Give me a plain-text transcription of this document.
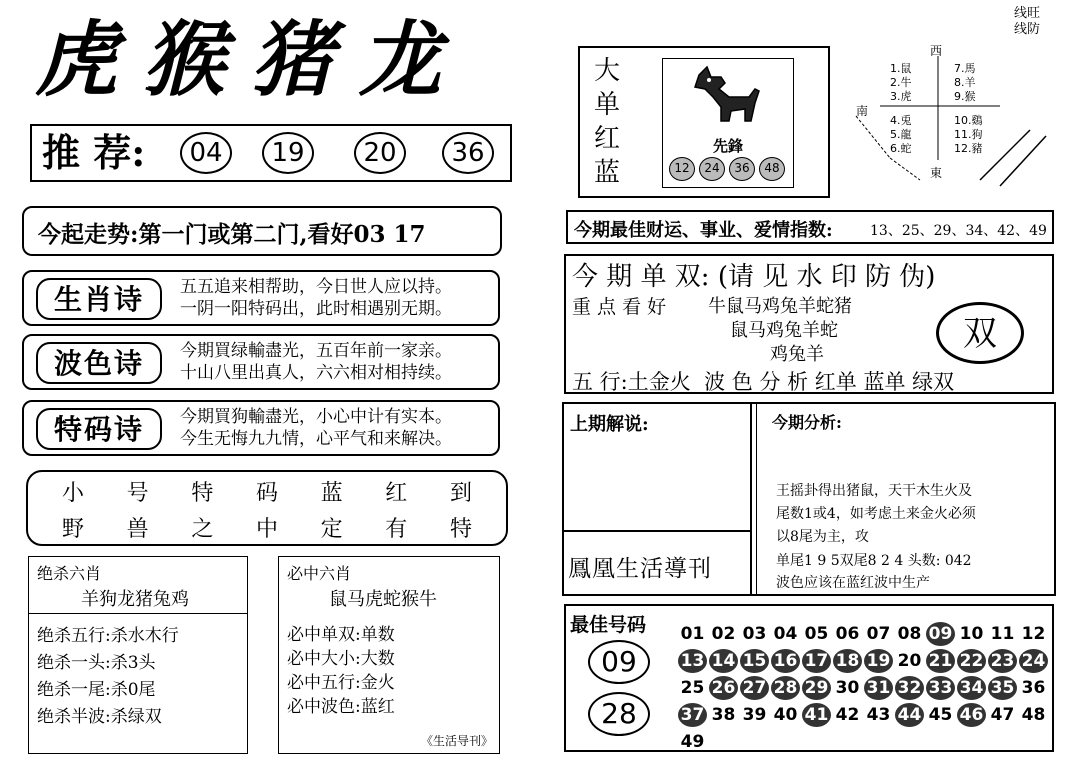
线旺
线防
虎猴猪龙
推 荐:	04	19	20	36
今起走势:第一门或第二门,看好03 17
生肖诗	五五追来相帮助，今日世人应以持。
一阴一阳特码出，此时相遇别无期。
波色诗	今期買绿輸盡光，五百年前一家亲。
十山八里出真人，六六相对相持续。
特码诗	今期買狗輸盡光，小心中计有实本。
今生无悔九九情，心平气和来解决。
小 号 特 码 蓝 红 到
野 兽 之 中 定 有 特
绝杀六肖
羊狗龙猪兔鸡
绝杀五行:杀水木行
绝杀一头:杀3头
绝杀一尾:杀0尾
绝杀半波:杀绿双
必中六肖
鼠马虎蛇猴牛
必中单双:单数
必中大小:大数
必中五行:金火
必中波色:蓝红
《生活导刊》
大
单
红
蓝
先鋒
12	24	36	48
西
南
東
1.鼠
2.牛
3.虎
4.兎
5.龍
6.蛇
7.馬
8.羊
9.猴
10.鷄
11.狗
12.豬
今期最佳财运、事业、爱情指数:	13、25、29、34、42、49
今 期 单 双: (请 见 水 印 防 伪)
重 点 看 好 牛鼠马鸡兔羊蛇猪
鼠马鸡兔羊蛇
鸡兔羊
双
五 行:土金火  波 色 分 析 红单 蓝单 绿双
上期解说:
鳳凰生活導刊
今期分析:
王摇卦得出猪鼠，天干木生火及
尾数1或4，如考虑土来金火必须
以8尾为主，攻
单尾1 9 5双尾8 2 4 头数: 042
波色应该在蓝红波中生产
最佳号码
09
28
01 02 03 04 05 06 07 08 09 10 11 12
13 14 15 16 17 18 19 20 21 22 23 24
25 26 27 28 29 30 31 32 33 34 35 36
37 38 39 40 41 42 43 44 45 46 47 48
49
